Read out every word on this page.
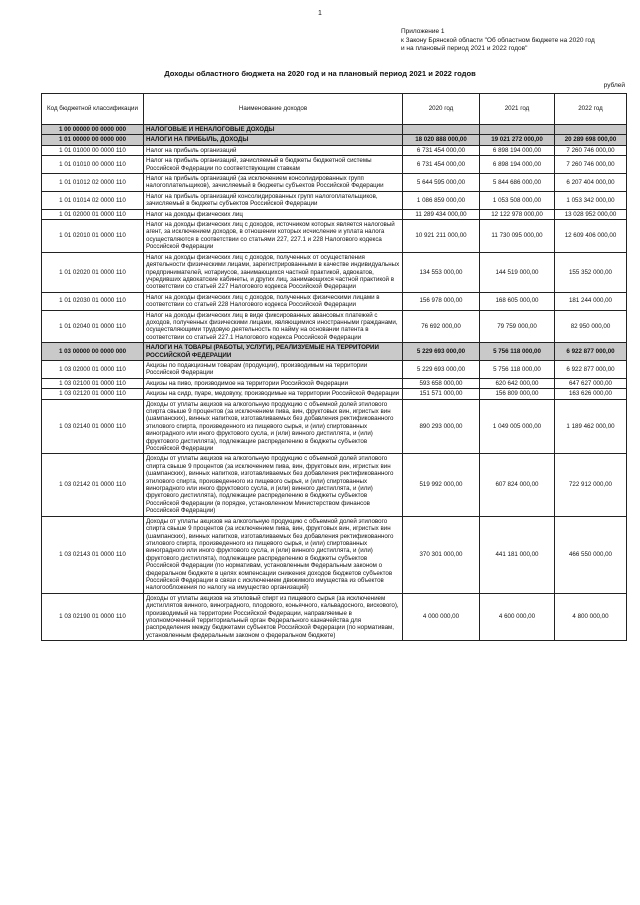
1
Приложение 1
к Закону Брянской области "Об областном бюджете на 2020 год
и на плановый период 2021 и 2022 годов"
Доходы областного бюджета на 2020 год и на плановый период 2021 и 2022 годов
рублей
Код бюджетной классификации	Наименование доходов	2020 год	2021 год	2022 год
1 00 00000 00 0000 000	НАЛОГОВЫЕ И НЕНАЛОГОВЫЕ ДОХОДЫ			
1 01 00000 00 0000 000	НАЛОГИ НА ПРИБЫЛЬ, ДОХОДЫ	18 020 888 000,00	19 021 272 000,00	20 289 698 000,00
1 01 01000 00 0000 110	Налог на прибыль организаций	6 731 454 000,00	6 898 194 000,00	7 260 746 000,00
1 01 01010 00 0000 110	Налог на прибыль организаций, зачисляемый в бюджеты бюджетной системы Российской Федерации по соответствующим ставкам	6 731 454 000,00	6 898 194 000,00	7 260 746 000,00
1 01 01012 02 0000 110	Налог на прибыль организаций (за исключением консолидированных групп налогоплательщиков), зачисляемый в бюджеты субъектов Российской Федерации	5 644 595 000,00	5 844 686 000,00	6 207 404 000,00
1 01 01014 02 0000 110	Налог на прибыль организаций консолидированных групп налогоплательщиков, зачисляемый в бюджеты субъектов Российской Федерации	1 086 859 000,00	1 053 508 000,00	1 053 342 000,00
1 01 02000 01 0000 110	Налог на доходы физических лиц	11 289 434 000,00	12 122 978 000,00	13 028 952 000,00
1 01 02010 01 0000 110	Налог на доходы физических лиц с доходов, источником которых является налоговый агент, за исключением доходов, в отношении которых исчисление и уплата налога осуществляются в соответствии со статьями 227, 227.1 и 228 Налогового кодекса Российской Федерации	10 921 211 000,00	11 730 095 000,00	12 609 406 000,00
1 01 02020 01 0000 110	Налог на доходы физических лиц с доходов, полученных от осуществления деятельности физическими лицами, зарегистрированными в качестве индивидуальных предпринимателей, нотариусов, занимающихся частной практикой, адвокатов, учредивших адвокатские кабинеты, и других лиц, занимающихся частной практикой в соответствии со статьей 227 Налогового кодекса Российской Федерации	134 553 000,00	144 519 000,00	155 352 000,00
1 01 02030 01 0000 110	Налог на доходы физических лиц с доходов, полученных физическими лицами в соответствии со статьей 228 Налогового кодекса Российской Федерации	156 978 000,00	168 605 000,00	181 244 000,00
1 01 02040 01 0000 110	Налог на доходы физических лиц в виде фиксированных авансовых платежей с доходов, полученных физическими лицами, являющимися иностранными гражданами, осуществляющими трудовую деятельность по найму на основании патента в соответствии со статьей 227.1 Налогового кодекса Российской Федерации	76 692 000,00	79 759 000,00	82 950 000,00
1 03 00000 00 0000 000	НАЛОГИ НА ТОВАРЫ (РАБОТЫ, УСЛУГИ), РЕАЛИЗУЕМЫЕ НА ТЕРРИТОРИИ РОССИЙСКОЙ ФЕДЕРАЦИИ	5 229 693 000,00	5 756 118 000,00	6 922 877 000,00
1 03 02000 01 0000 110	Акцизы по подакцизным товарам (продукции), производимым на территории Российской Федерации	5 229 693 000,00	5 756 118 000,00	6 922 877 000,00
1 03 02100 01 0000 110	Акцизы на пиво, производимое на территории Российской Федерации	593 658 000,00	620 642 000,00	647 627 000,00
1 03 02120 01 0000 110	Акцизы на сидр, пуаре, медовуху, производимые на территории Российской Федерации	151 571 000,00	156 809 000,00	163 626 000,00
1 03 02140 01 0000 110	Доходы от уплаты акцизов на алкогольную продукцию с объемной долей этилового спирта свыше 9 процентов (за исключением пива, вин, фруктовых вин, игристых вин (шампанских), винных напитков, изготавливаемых без добавления ректификованного этилового спирта, произведенного из пищевого сырья, и (или) спиртованных виноградного или иного фруктового сусла, и (или) винного дистиллята, и (или) фруктового дистиллята), подлежащие распределению в бюджеты субъектов Российской Федерации	890 293 000,00	1 049 005 000,00	1 189 462 000,00
1 03 02142 01 0000 110	Доходы от уплаты акцизов на алкогольную продукцию с объемной долей этилового спирта свыше 9 процентов (за исключением пива, вин, фруктовых вин, игристых вин (шампанских), винных напитков, изготавливаемых без добавления ректификованного этилового спирта, произведенного из пищевого сырья, и (или) спиртованных виноградного или иного фруктового сусла, и (или) винного дистиллята, и (или) фруктового дистиллята), подлежащие распределению в бюджеты субъектов Российской Федерации (в порядке, установленном Министерством финансов Российской Федерации)	519 992 000,00	607 824 000,00	722 912 000,00
1 03 02143 01 0000 110	Доходы от уплаты акцизов на алкогольную продукцию с объемной долей этилового спирта свыше 9 процентов (за исключением пива, вин, фруктовых вин, игристых вин (шампанских), винных напитков, изготавливаемых без добавления ректификованного этилового спирта, произведенного из пищевого сырья, и (или) спиртованных виноградного или иного фруктового сусла, и (или) винного дистиллята, и (или) фруктового дистиллята), подлежащие распределению в бюджеты субъектов Российской Федерации (по нормативам, установленным Федеральным законом о федеральном бюджете в целях компенсации снижения доходов бюджетов субъектов Российской Федерации в связи с исключением движимого имущества из объектов налогообложения по налогу на имущество организаций)	370 301 000,00	441 181 000,00	466 550 000,00
1 03 02190 01 0000 110	Доходы от уплаты акцизов на этиловый спирт из пищевого сырья (за исключением дистиллятов винного, виноградного, плодового, коньячного, кальвадосного, вискового), производимый на территории Российской Федерации, направляемые в уполномоченный территориальный орган Федерального казначейства для распределения между бюджетами субъектов Российской Федерации (по нормативам, установленным федеральным законом о федеральном бюджете)	4 000 000,00	4 600 000,00	4 800 000,00
